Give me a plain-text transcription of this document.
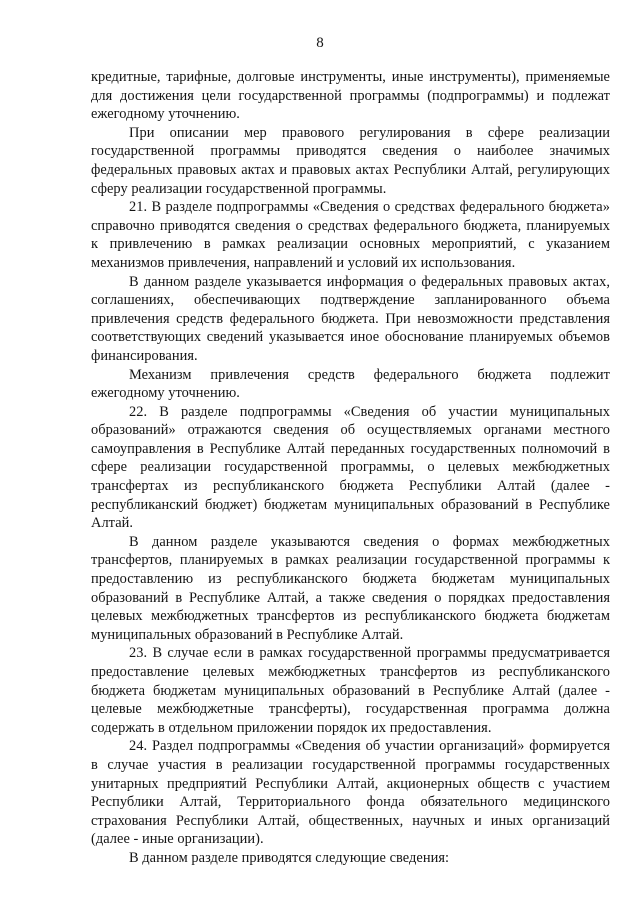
8

кредитные, тарифные, долговые инструменты, иные инструменты), применяемые для достижения цели государственной программы (подпрограммы) и подлежат ежегодному уточнению.

При описании мер правового регулирования в сфере реализации государственной программы приводятся сведения о наиболее значимых федеральных правовых актах и правовых актах Республики Алтай, регулирующих сферу реализации государственной программы.

21. В разделе подпрограммы «Сведения о средствах федерального бюджета» справочно приводятся сведения о средствах федерального бюджета, планируемых к привлечению в рамках реализации основных мероприятий, с указанием механизмов привлечения, направлений и условий их использования.

В данном разделе указывается информация о федеральных правовых актах, соглашениях, обеспечивающих подтверждение запланированного объема привлечения средств федерального бюджета. При невозможности представления соответствующих сведений указывается иное обоснование планируемых объемов финансирования.

Механизм привлечения средств федерального бюджета подлежит ежегодному уточнению.

22. В разделе подпрограммы «Сведения об участии муниципальных образований» отражаются сведения об осуществляемых органами местного самоуправления в Республике Алтай переданных государственных полномочий в сфере реализации государственной программы, о целевых межбюджетных трансфертах из республиканского бюджета Республики Алтай (далее - республиканский бюджет) бюджетам муниципальных образований в Республике Алтай.

В данном разделе указываются сведения о формах межбюджетных трансфертов, планируемых в рамках реализации государственной программы к предоставлению из республиканского бюджета бюджетам муниципальных образований в Республике Алтай, а также сведения о порядках предоставления целевых межбюджетных трансфертов из республиканского бюджета бюджетам муниципальных образований в Республике Алтай.

23. В случае если в рамках государственной программы предусматривается предоставление целевых межбюджетных трансфертов из республиканского бюджета бюджетам муниципальных образований в Республике Алтай (далее - целевые межбюджетные трансферты), государственная программа должна содержать в отдельном приложении порядок их предоставления.

24. Раздел подпрограммы «Сведения об участии организаций» формируется в случае участия в реализации государственной программы государственных унитарных предприятий Республики Алтай, акционерных обществ с участием Республики Алтай, Территориального фонда обязательного медицинского страхования Республики Алтай, общественных, научных и иных организаций (далее - иные организации).

В данном разделе приводятся следующие сведения:
